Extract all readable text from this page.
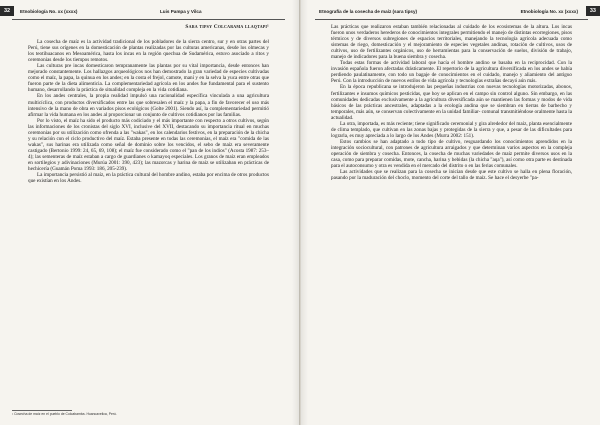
32	Etnobiología No. xx (xxxx)	Luis Pampa y Vilca
Sara tipsy Colcarama llaqtapi¹

La cosecha de maíz es la actividad tradicional de los pobladores de la sierra centro, sur y en otras partes del Perú, tiene sus orígenes en la domesticación de plantas realizadas por las culturas americanas, desde los olmecas y los teotihuacanos en Mesoamérica, hasta los incas en la región quechua de Sudamérica, estuvo asociado a ritos y ceremonias desde los tiempos remotos.

Las culturas pre incas domesticaron tempranamente las plantas por su vital importancia, desde entonces han mejorado constantemente. Los hallazgos arqueológicos nos han demostrado la gran variedad de especies cultivadas como el maíz, la papa, la quinua en los andes; en la costa el frejol, camote, maní y en la selva la yuca entre otras que fueron parte de la dieta alimenticia. La complementariedad agrícola en los andes fue fundamental para el sustento humano, desarrollando la práctica de situalidad compleja en la vida cotidiana.

En los andes centrales, la propia realidad impulsó una racionalidad específica vinculada a una agricultura multicíclica, con productos diversificados entre las que sobresalen el maíz y la papa, a fin de favorecer el uso más intensivo de la mano de obra en variados pisos ecológicos (Golte 2001). Siendo así, la complementariedad permitió afirmar la vida humana en los andes al proporcionar un conjunto de cultivos cotidianos por las familias.

Por lo visto, el maíz ha sido el producto más codiciado y el más importante con respecto a otros cultivos, según las informaciones de los cronistas del siglo XVI, inclusive del XVII, destacando su importancia ritual en muchas ceremonias por su utilización como ofrenda a las "wakas", en los calendarios festivos, en la preparación de la chicha y su relación con el ciclo productivo del maíz. Estaba presente en todas las ceremonias, el maíz era "comida de las wakas", sus harinas era utilizada como señal de dominio sobre los vencidos, el sebo de maíz era severamente castigado (Bertonio 1999: 24, 65, 69, 108); el maíz fue considerado como el "pan de los indios" (Acosta 1987: 253–4); las sementeras de maíz estaban a cargo de guardianes o kamayoq especiales. Los granos de maíz eran empleados en sortilegios y adivinaciones (Murúa 2001: 390, 423); las mazorcas y harina de maíz se utilizaban en prácticas de hechicería (Guamán Poma 1993: 186, 205-239).

La importancia persistió al maíz, en la práctica cultural del hombre andino, estaba por encima de otros productos que existían en los Andes.

¹ Cosecha de maíz en el pueblo de Colcabamba. Huancavelica, Perú.
Etnografía de la cosecha de maíz (sara tipsy)	Etnobiología No. xx (xxxx)	33

Las prácticas que realizaron estaban también relacionadas al cuidado de los ecosistemas de la altura. Los incas fueron unos verdaderos herederos de conocimientos integrales permitiendo el manejo de distintas ecorregiones, pisos térmicos y de diversos subregiones de espacios territoriales, manejando la tecnología agrícola adecuada como sistemas de riego, domesticación y el mejoramiento de especies vegetales andinas, rotación de cultivos, usos de cultivos, uso de fertilizantes orgánicos, uso de herramientas para la conservación de suelos, división de trabajo, manejo de indicadores para la buena siembra y cosecha.

Todas estas formas de actividad laboral que hacía el hombre andino se basaba en la reciprocidad. Con la invasión española fueron afectadas drásticamente. El repertorio de la agricultura diversificada en los andes se había perdiendo paulatinamente, con todo un bagaje de conocimientos en el cuidado, manejo y aliamiento del antiguo Perú. Con la introducción de nuevos estilos de vida agrícola y tecnologías extrañas decayó aún más.

En la época republicana se introdujeron las pequeñas industrias con nuevas tecnologías motorizadas, abonos, fertilizantes e insumos químicos pesticidas, que hoy se aplican en el campo sin control alguno. Sin embargo, en las comunidades dedicadas exclusivamente a la agricultura diversificada aún se mantienen las formas y modos de vida básicos de las prácticas ancestrales, adaptadas a la ecología andina que se siembran en tierras de barbecho y temporales, más aún, se conservan colectivamente en la unidad familiar- comunal transmitiéndose oralmente hasta la actualidad.

La otra, importada, es más reciente; tiene significado ceremonial y gira alrededor del maíz, planta esencialmente de clima templado, que cultivan en las zonas bajas y protegidas de la sierra y que, a pesar de las dificultades para lograrla, es muy apreciada a lo largo de los Andes (Murra 2002: 151).

Estos cambios se han adaptado a todo tipo de cultivo, resguardando los conocimientos aprendidos en la integración sociocultural, con patrones de agricultura arraigados y que determinan varios aspectos en la compleja operación de siembra y cosecha. Entonces, la cosecha de muchas variedades de maíz permite diversos usos en la casa, como para preparar comidas, mote, cancha, harina y bebidas (la chicha "aqa"), así como otra parte es destinada para el autoconsumo y otra es vendida en el mercado del distrito o en las ferias comunales.

Las actividades que se realizan para la cosecha se inician desde que este cultivo se halla en plena floración, pasando por la maduración del choclo, momento del corte del tallo de maíz. Se hace el desyerbe "pa-
